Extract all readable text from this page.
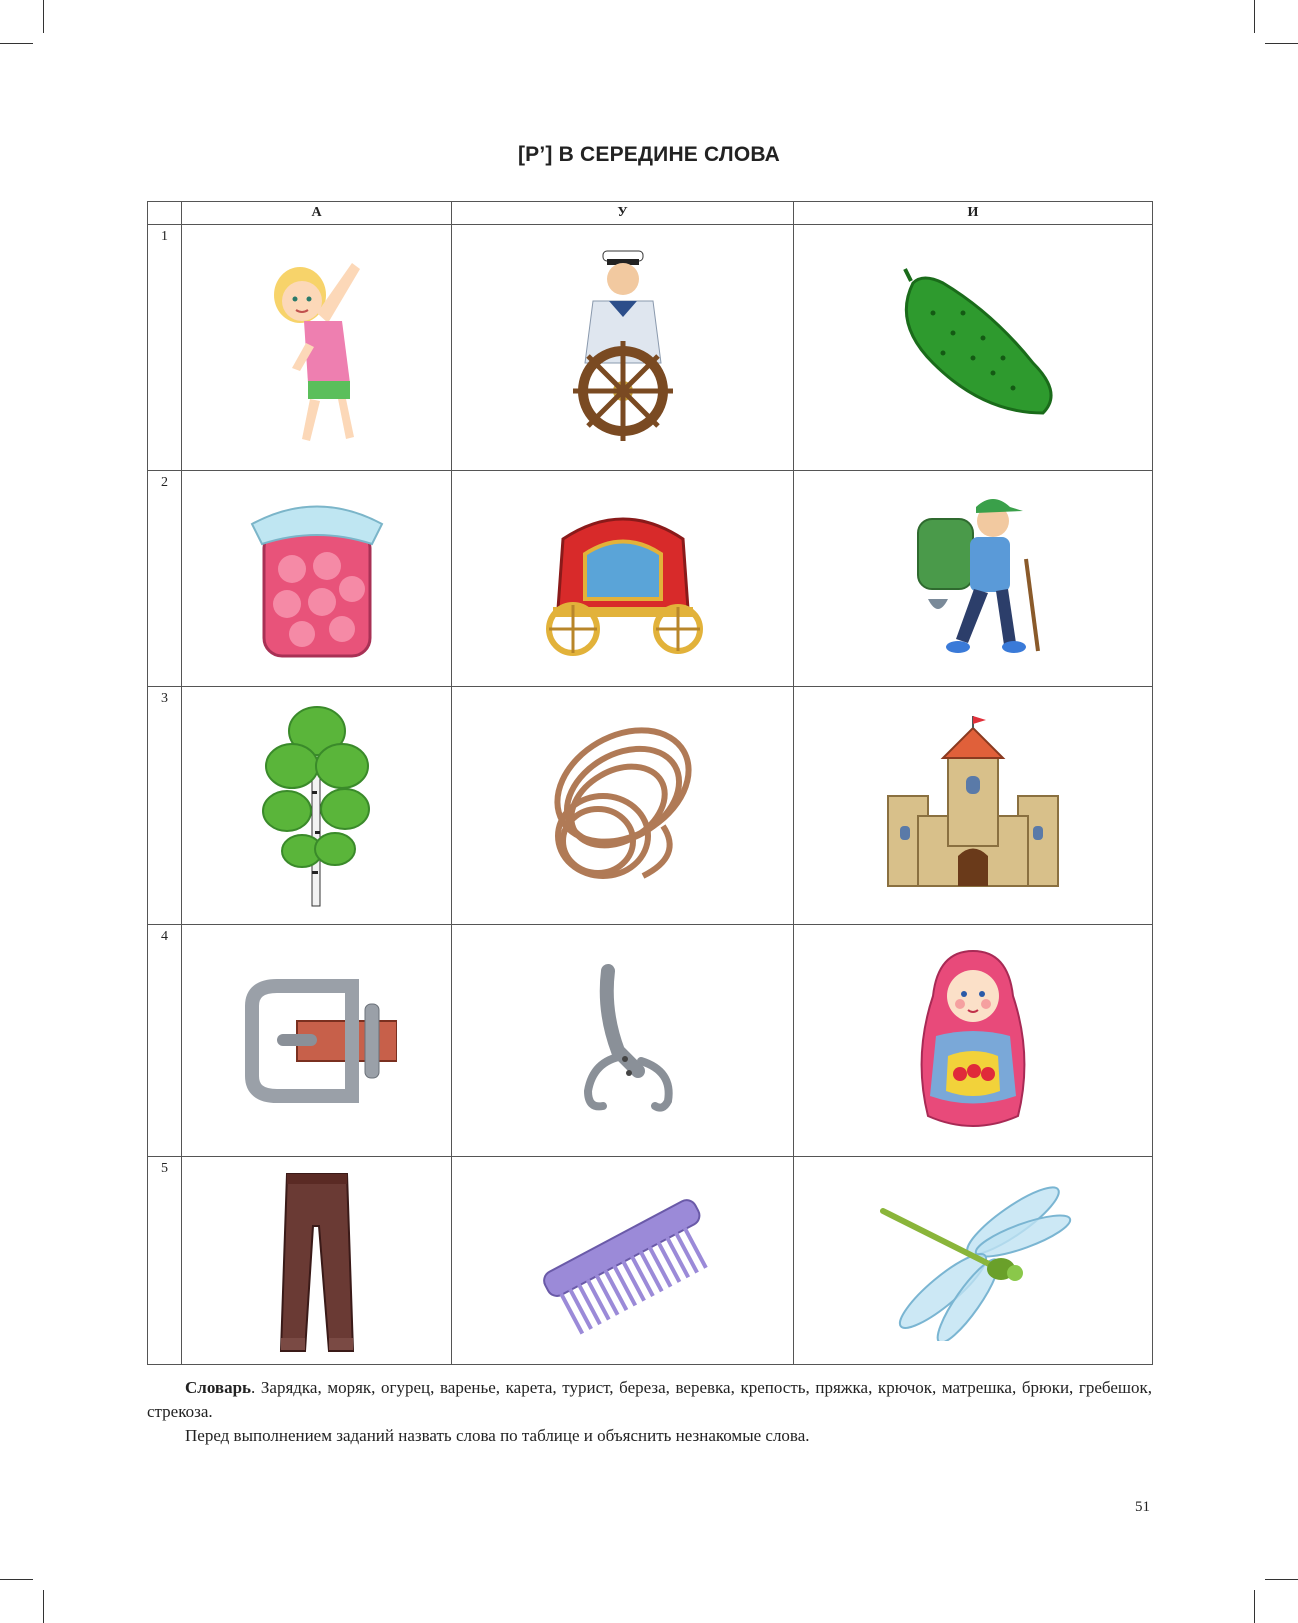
[Р’] В СЕРЕДИНЕ СЛОВА
	А	У	И
1	

2	

3	

4	

5	

Словарь. Зарядка, моряк, огурец, варенье, карета, турист, береза, веревка, крепость, пряжка, крючок, матрешка, брюки, гребешок, стрекоза.

Перед выполнением заданий назвать слова по таблице и объяснить незнакомые слова.

51
